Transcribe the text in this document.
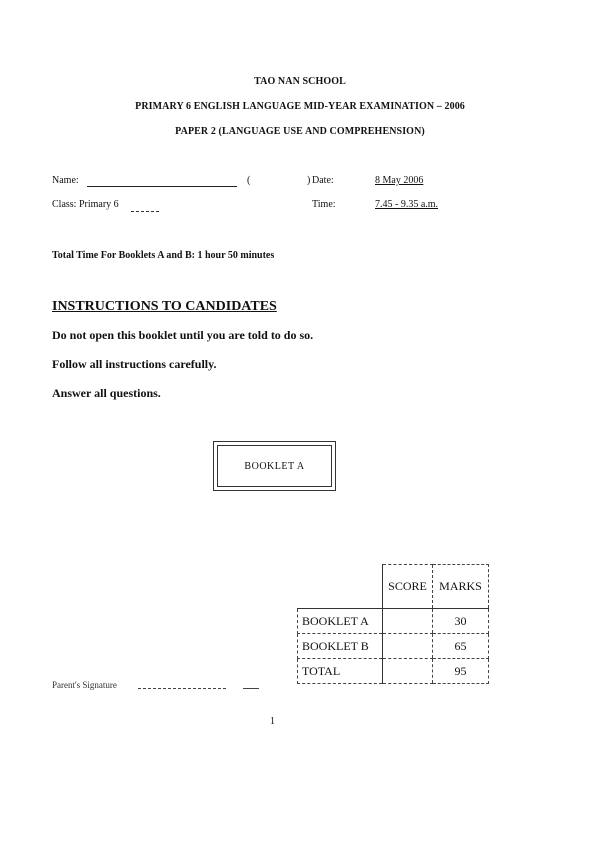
TAO NAN SCHOOL
PRIMARY 6 ENGLISH LANGUAGE MID-YEAR EXAMINATION – 2006
PAPER 2 (LANGUAGE USE AND COMPREHENSION)
Name:	(	) Date:	8 May 2006
Class: Primary 6	Time:	7.45 - 9.35 a.m.
Total Time For Booklets A and B: 1 hour 50 minutes
INSTRUCTIONS TO CANDIDATES
Do not open this booklet until you are told to do so.
Follow all instructions carefully.
Answer all questions.
BOOKLET A
	SCORE	MARKS
BOOKLET A		30
BOOKLET B		65
TOTAL		95
Parent's Signature
1
